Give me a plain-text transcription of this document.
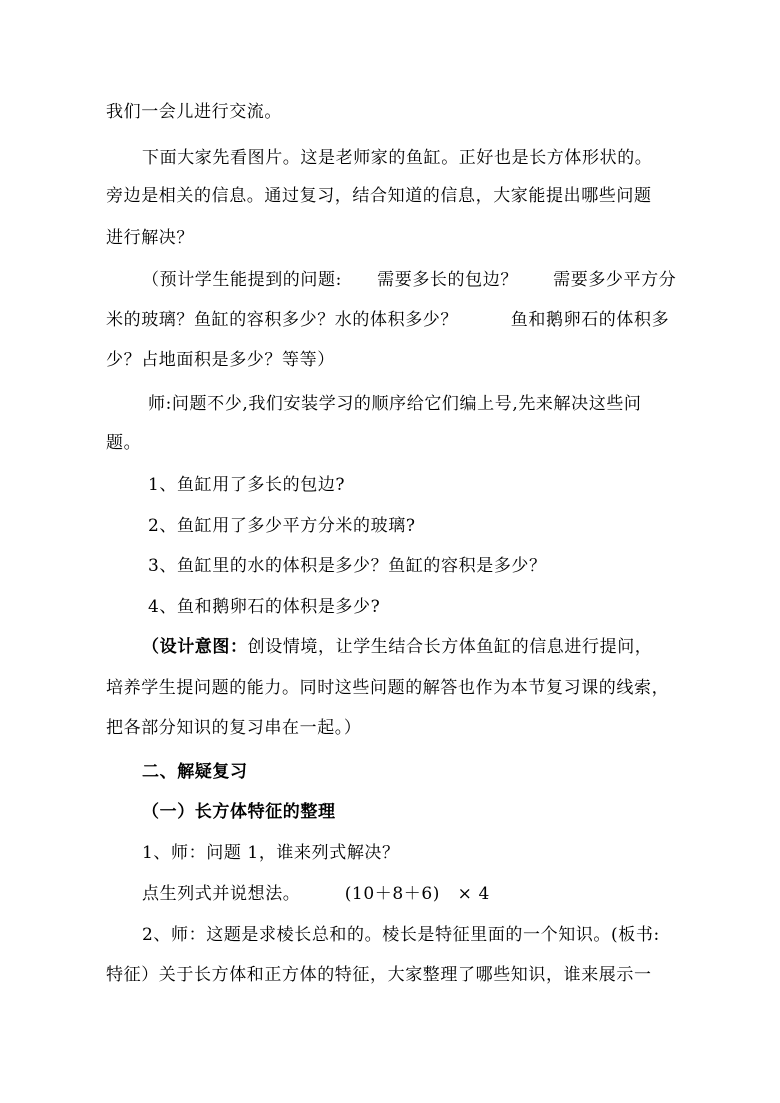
我们一会儿进行交流。
下面大家先看图片。这是老师家的鱼缸。正好也是长方体形状的。
旁边是相关的信息。通过复习，结合知道的信息，大家能提出哪些问题
进行解决？
（预计学生能提到的问题:　　需要多长的包边？　　需要多少平方分
米的玻璃？鱼缸的容积多少？水的体积多少？　　　鱼和鹅卵石的体积多
少？占地面积是多少？等等）
师:问题不少,我们安装学习的顺序给它们编上号,先来解决这些问
题。
1、鱼缸用了多长的包边?
2、鱼缸用了多少平方分米的玻璃?
3、鱼缸里的水的体积是多少？鱼缸的容积是多少？
4、鱼和鹅卵石的体积是多少?
（设计意图：创设情境，让学生结合长方体鱼缸的信息进行提问，
培养学生提问题的能力。同时这些问题的解答也作为本节复习课的线索，
把各部分知识的复习串在一起。）
二、解疑复习
（一）长方体特征的整理
1、师：问题 1，谁来列式解决？
点生列式并说想法。　　　(10＋8＋6)　× 4
2、师：这题是求棱长总和的。棱长是特征里面的一个知识。(板书:
特征）关于长方体和正方体的特征，大家整理了哪些知识，谁来展示一
